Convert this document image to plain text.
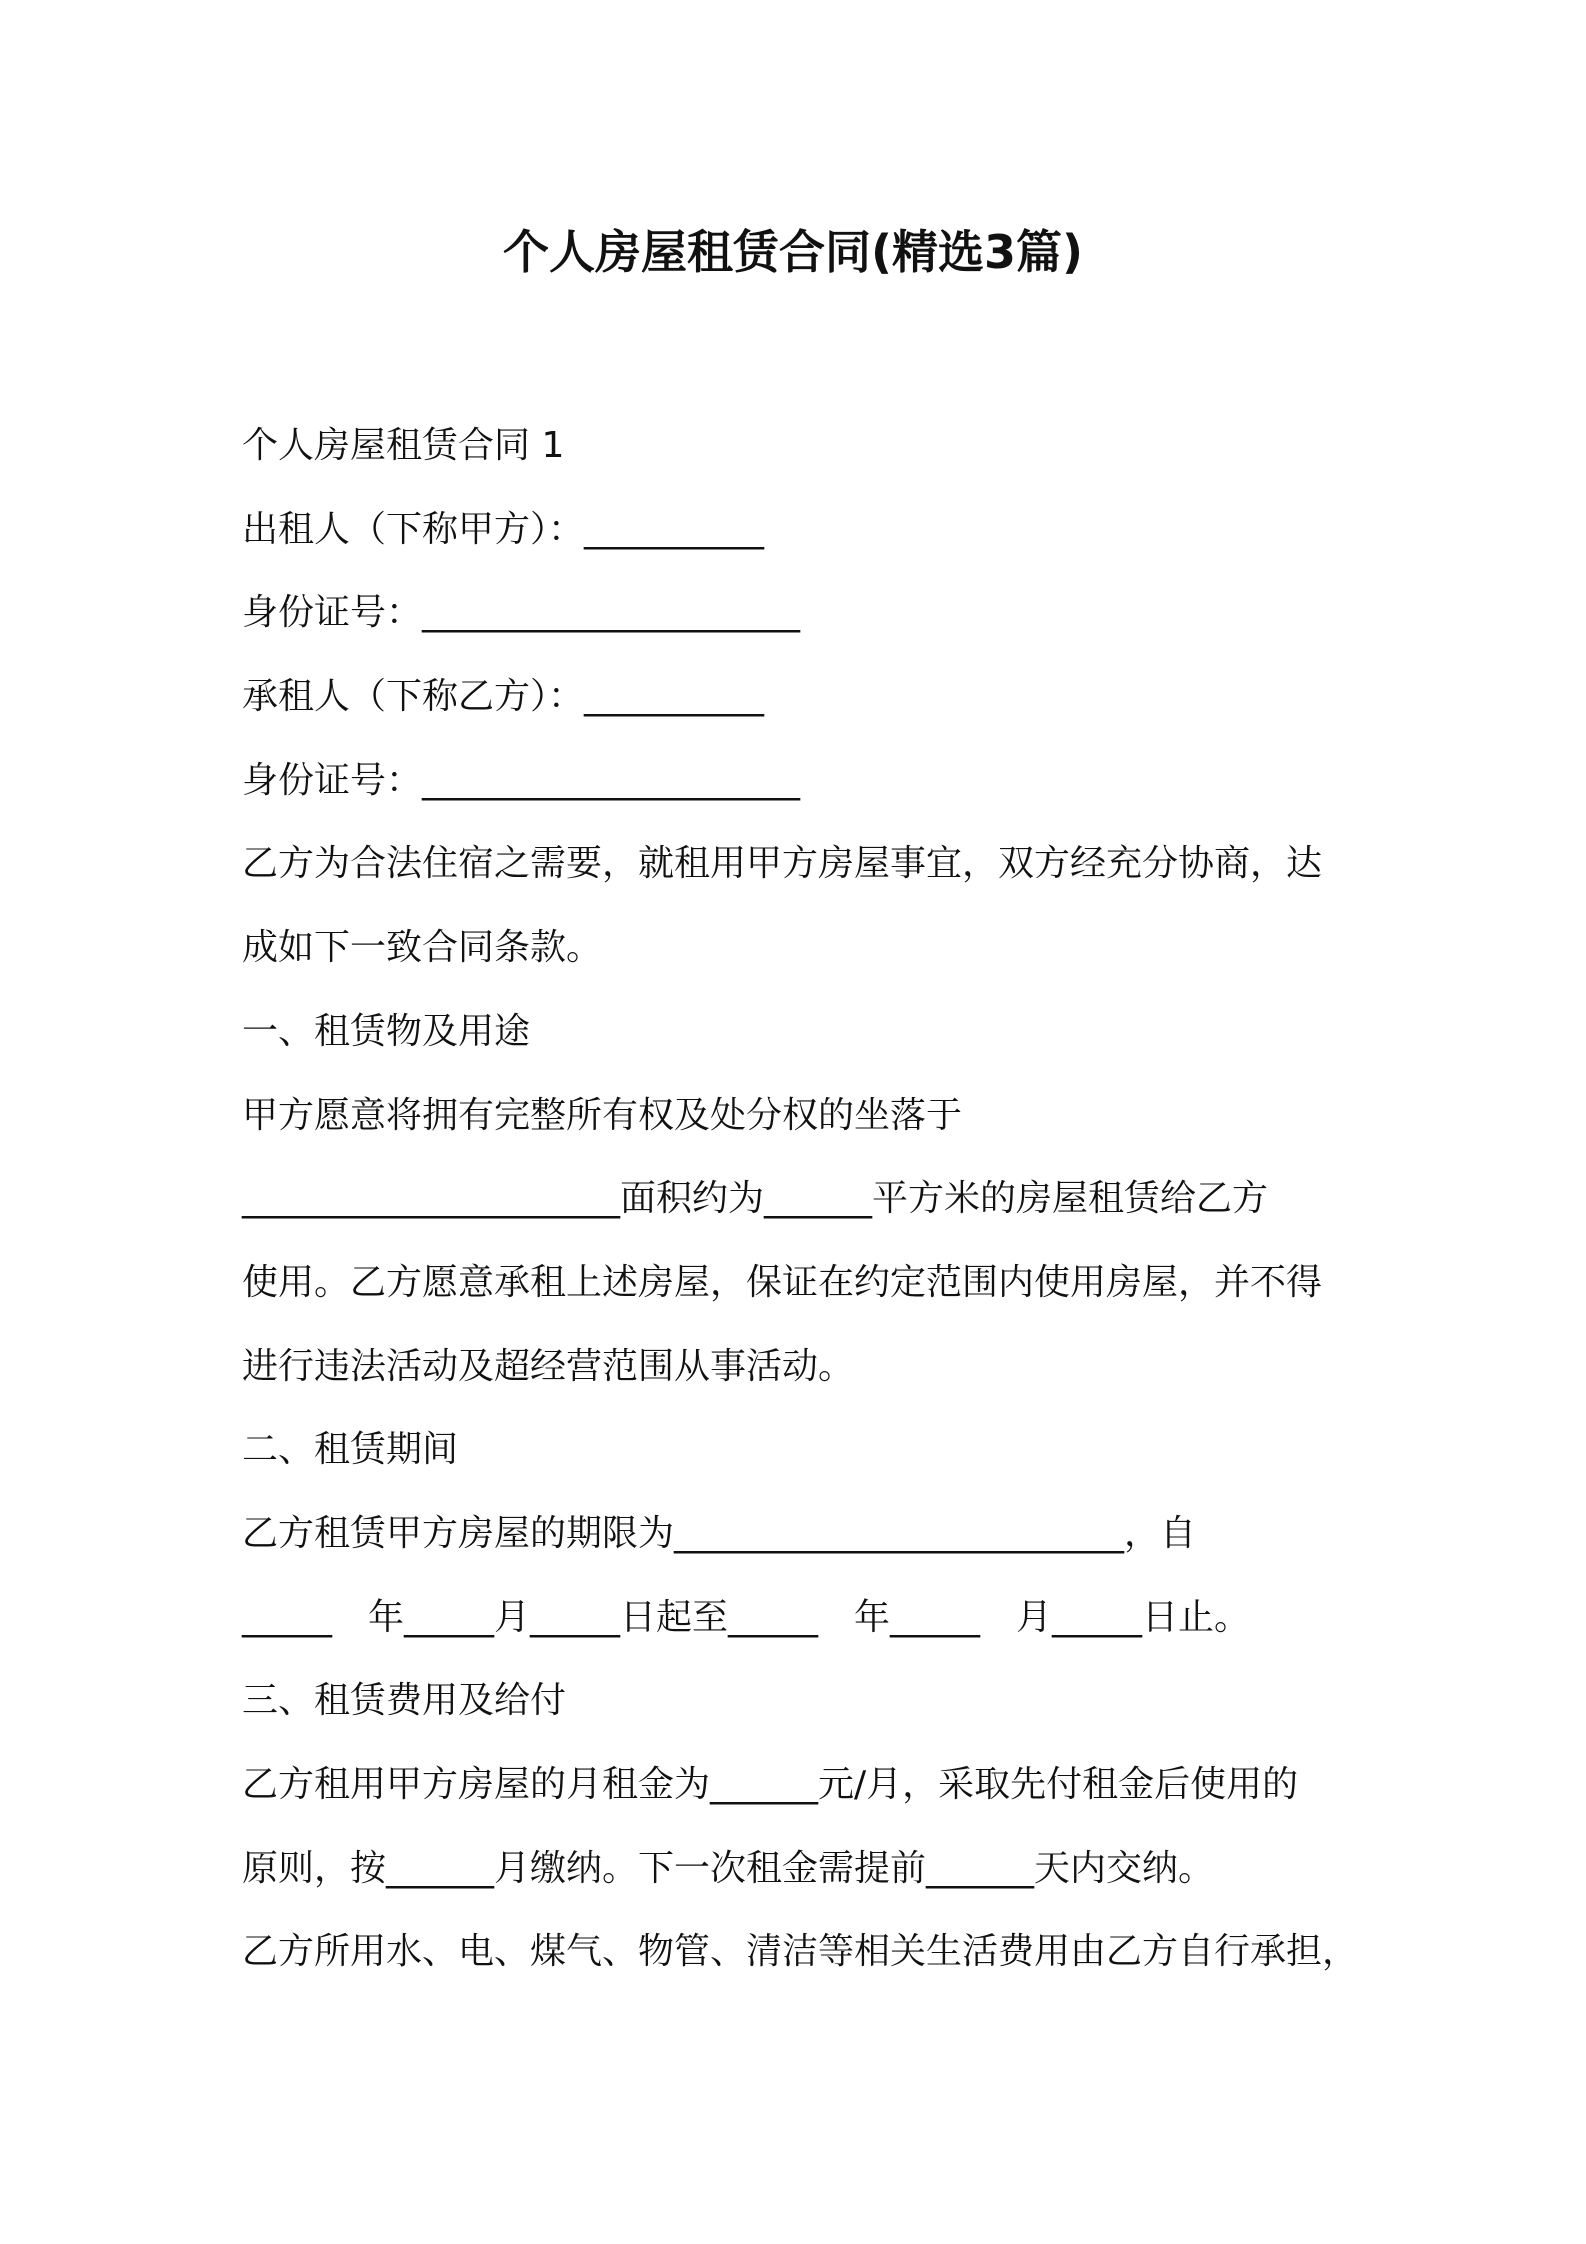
个人房屋租赁合同(精选3篇)

个人房屋租赁合同 1

出租人（下称甲方）：__________

身份证号：_____________________

承租人（下称乙方）：__________

身份证号：_____________________

乙方为合法住宿之需要，就租用甲方房屋事宜，双方经充分协商，达

成如下一致合同条款。

一、租赁物及用途

甲方愿意将拥有完整所有权及处分权的坐落于

_____________________面积约为______平方米的房屋租赁给乙方

使用。乙方愿意承租上述房屋，保证在约定范围内使用房屋，并不得

进行违法活动及超经营范围从事活动。

二、租赁期间

乙方租赁甲方房屋的期限为_________________________，自

_____　年_____月_____日起至_____　年_____　月_____日止。

三、租赁费用及给付

乙方租用甲方房屋的月租金为______元/月，采取先付租金后使用的

原则，按______月缴纳。下一次租金需提前______天内交纳。

乙方所用水、电、煤气、物管、清洁等相关生活费用由乙方自行承担，
